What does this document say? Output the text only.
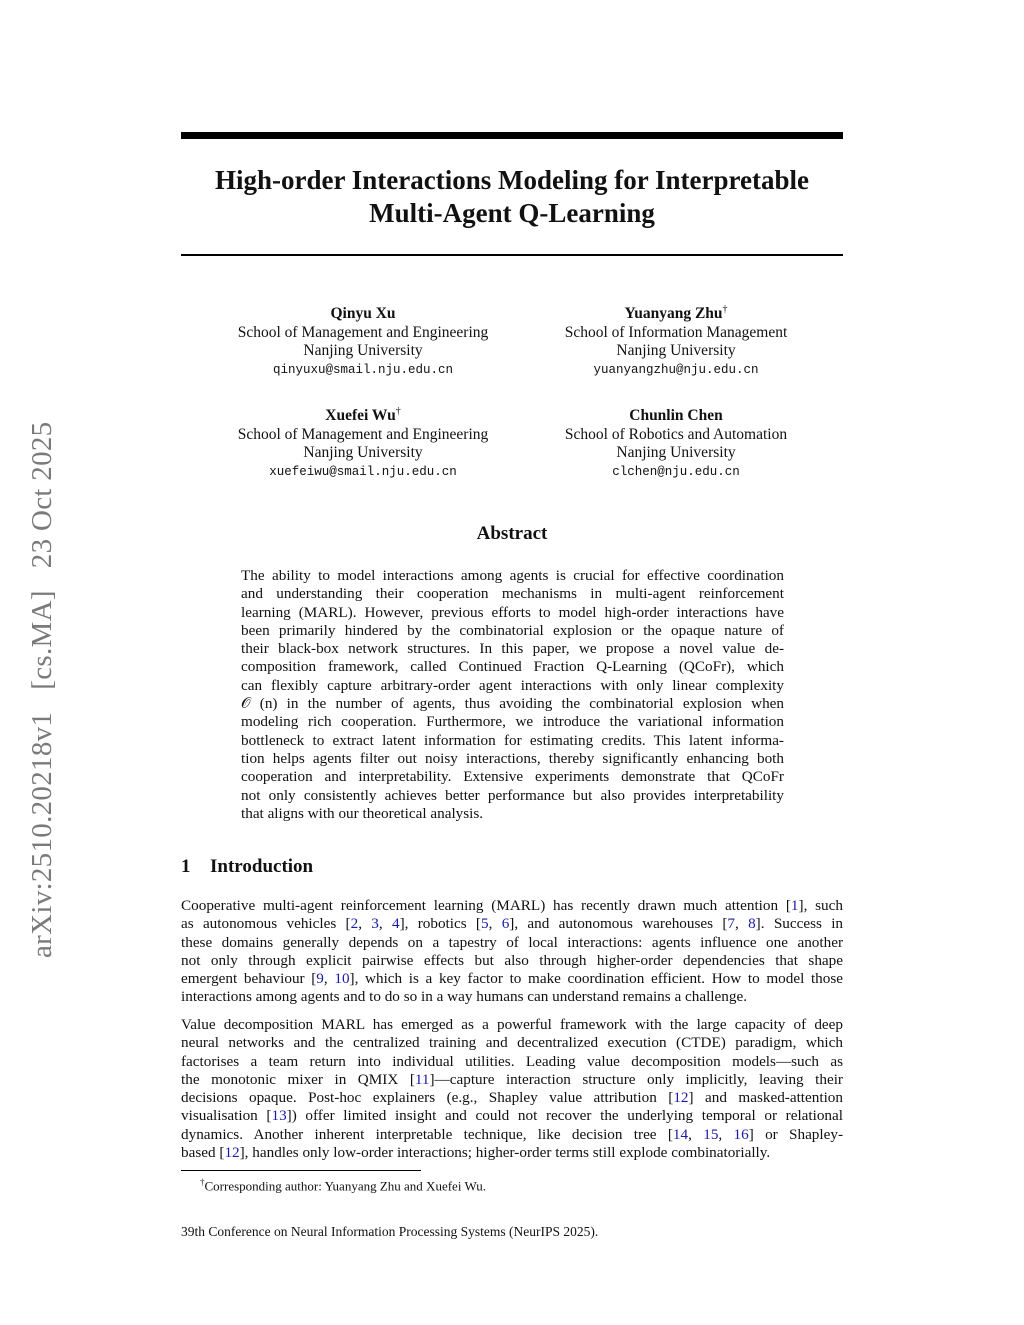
arXiv:2510.20218v1[cs.MA]23 Oct 2025
High-order Interactions Modeling for Interpretable
Multi-Agent Q-Learning
Qinyu Xu
School of Management and Engineering
Nanjing University
qinyuxu@smail.nju.edu.cn
Yuanyang Zhu†
School of Information Management
Nanjing University
yuanyangzhu@nju.edu.cn
Xuefei Wu†
School of Management and Engineering
Nanjing University
xuefeiwu@smail.nju.edu.cn
Chunlin Chen
School of Robotics and Automation
Nanjing University
clchen@nju.edu.cn
Abstract
The ability to model interactions among agents is crucial for effective coordination
and understanding their cooperation mechanisms in multi-agent reinforcement
learning (MARL). However, previous efforts to model high-order interactions have
been primarily hindered by the combinatorial explosion or the opaque nature of
their black-box network structures. In this paper, we propose a novel value de-
composition framework, called Continued Fraction Q-Learning (QCoFr), which
can flexibly capture arbitrary-order agent interactions with only linear complexity
𝒪 (n) in the number of agents, thus avoiding the combinatorial explosion when
modeling rich cooperation. Furthermore, we introduce the variational information
bottleneck to extract latent information for estimating credits. This latent informa-
tion helps agents filter out noisy interactions, thereby significantly enhancing both
cooperation and interpretability. Extensive experiments demonstrate that QCoFr
not only consistently achieves better performance but also provides interpretability
that aligns with our theoretical analysis.
1 Introduction
Cooperative multi-agent reinforcement learning (MARL) has recently drawn much attention [1], such
as autonomous vehicles [2, 3, 4], robotics [5, 6], and autonomous warehouses [7, 8]. Success in
these domains generally depends on a tapestry of local interactions: agents influence one another
not only through explicit pairwise effects but also through higher-order dependencies that shape
emergent behaviour [9, 10], which is a key factor to make coordination efficient. How to model those
interactions among agents and to do so in a way humans can understand remains a challenge.
Value decomposition MARL has emerged as a powerful framework with the large capacity of deep
neural networks and the centralized training and decentralized execution (CTDE) paradigm, which
factorises a team return into individual utilities. Leading value decomposition models—such as
the monotonic mixer in QMIX [11]—capture interaction structure only implicitly, leaving their
decisions opaque. Post-hoc explainers (e.g., Shapley value attribution [12] and masked-attention
visualisation [13]) offer limited insight and could not recover the underlying temporal or relational
dynamics. Another inherent interpretable technique, like decision tree [14, 15, 16] or Shapley-
based [12], handles only low-order interactions; higher-order terms still explode combinatorially.
†Corresponding author: Yuanyang Zhu and Xuefei Wu.
39th Conference on Neural Information Processing Systems (NeurIPS 2025).
